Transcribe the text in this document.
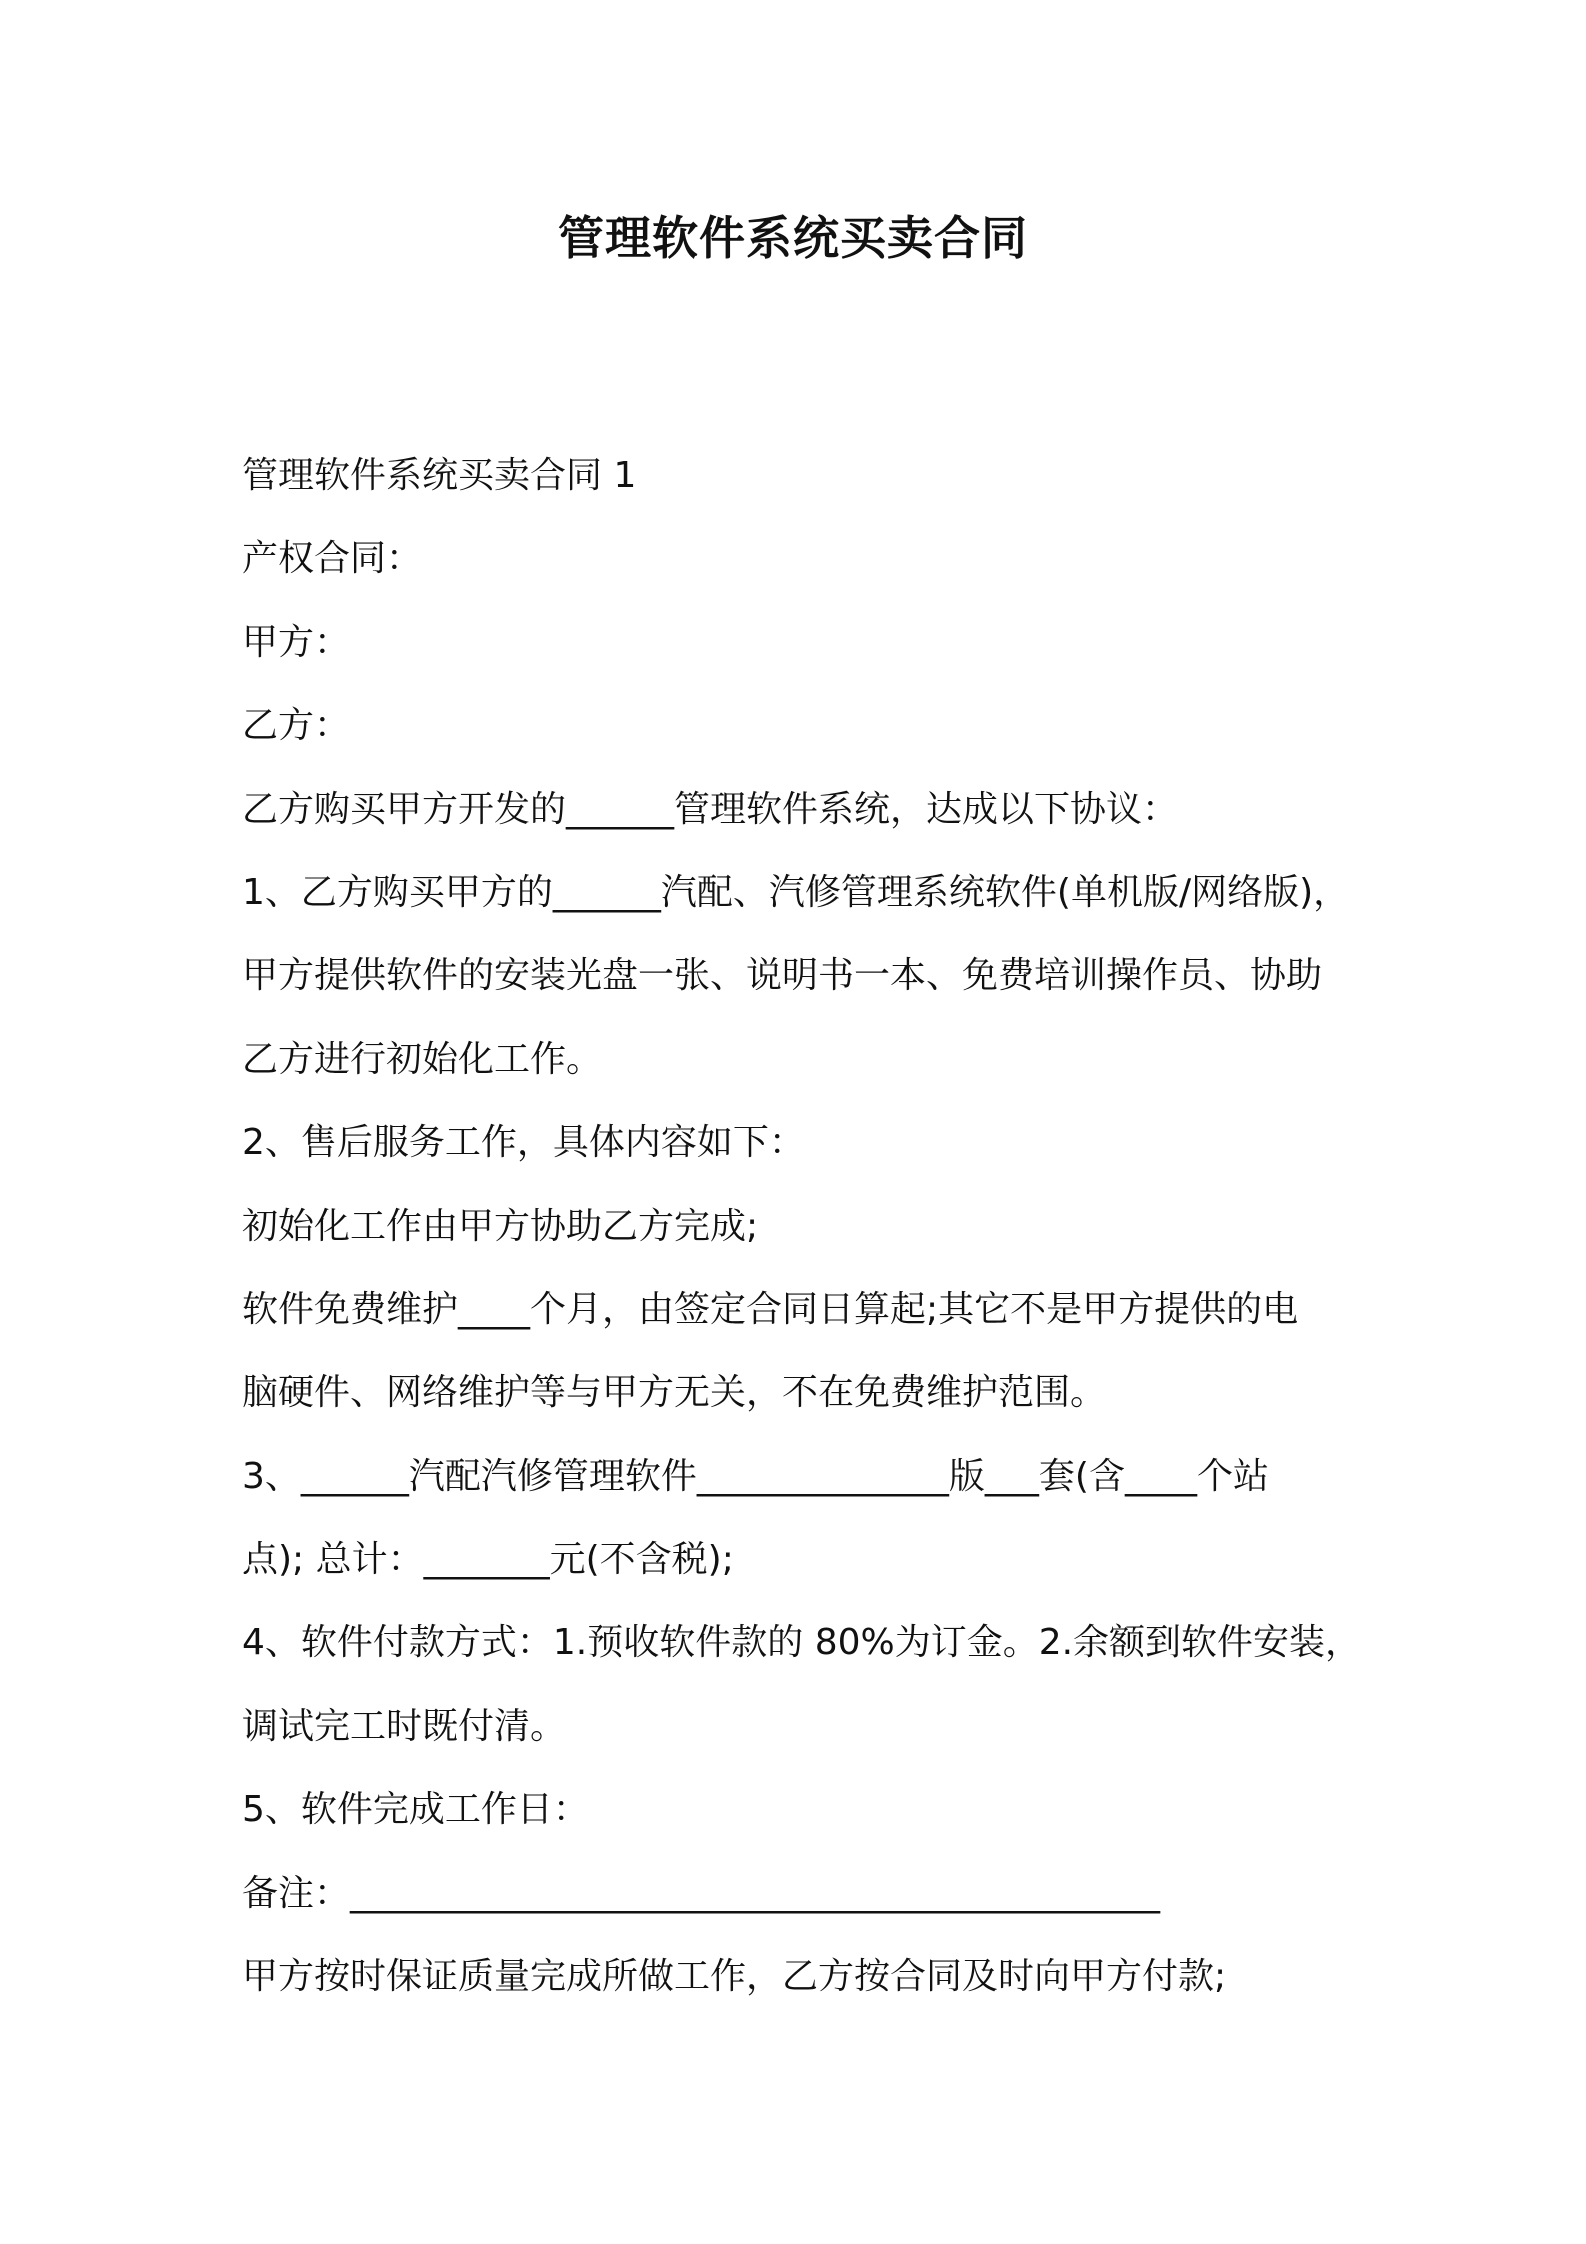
管理软件系统买卖合同
管理软件系统买卖合同 1
产权合同：
甲方：
乙方：
乙方购买甲方开发的______管理软件系统，达成以下协议：
1、乙方购买甲方的______汽配、汽修管理系统软件(单机版/网络版)，
甲方提供软件的安装光盘一张、说明书一本、免费培训操作员、协助
乙方进行初始化工作。
2、售后服务工作，具体内容如下：
初始化工作由甲方协助乙方完成;
软件免费维护____个月，由签定合同日算起;其它不是甲方提供的电
脑硬件、网络维护等与甲方无关，不在免费维护范围。
3、______汽配汽修管理软件______________版___套(含____个站
点); 总计：_______元(不含税);
4、软件付款方式：1.预收软件款的 80%为订金。2.余额到软件安装，
调试完工时既付清。
5、软件完成工作日：
备注：_____________________________________________
甲方按时保证质量完成所做工作，乙方按合同及时向甲方付款;
